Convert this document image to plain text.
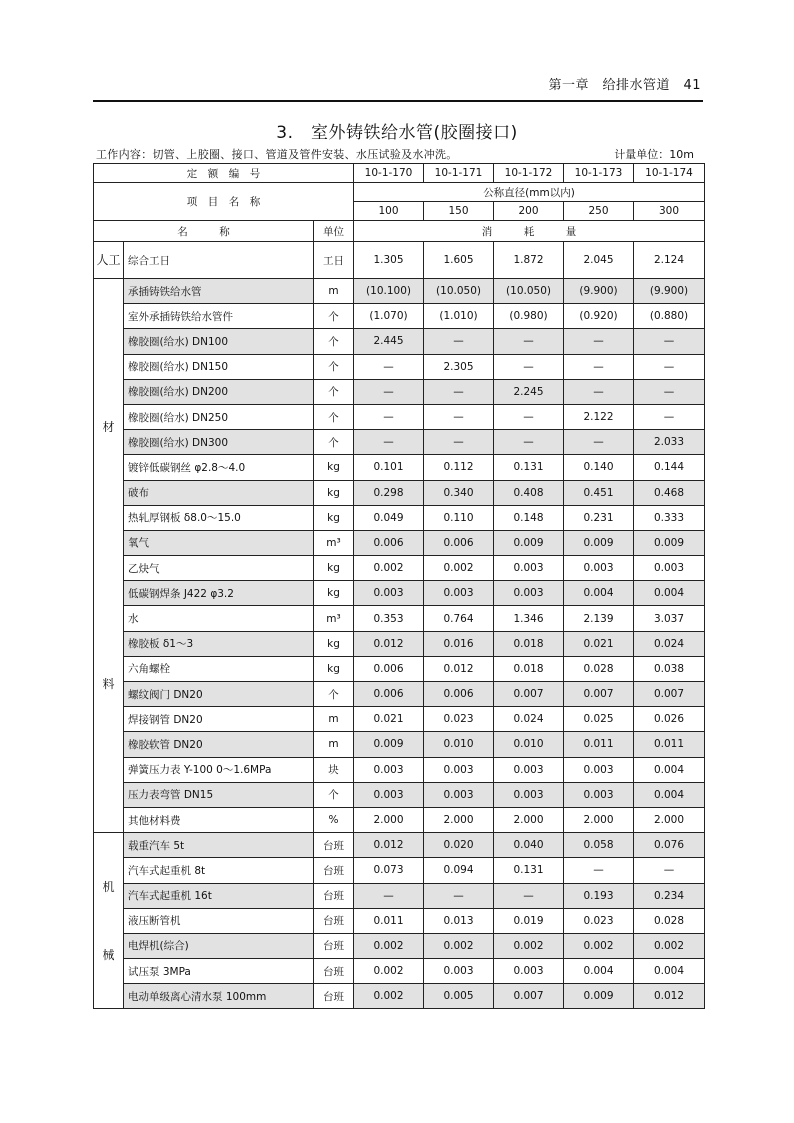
第一章　给排水管道　41
3.　室外铸铁给水管(胶圈接口)
工作内容：切管、上胶圈、接口、管道及管件安装、水压试验及水冲洗。	计量单位：10m
定　额　编　号			10-1-170	10-1-171	10-1-172	10-1-173	10-1-174
项　目　名　称			公称直径(mm以内)				
			100	150	200	250	300
名　　　称		单位	消　　　耗　　　量				
人工	综合工日	工日	1.305	1.605	1.872	2.045	2.124

材
料	承插铸铁给水管	m	(10.100)	(10.050)	(10.050)	(9.900)	(9.900)
	室外承插铸铁给水管件	个	(1.070)	(1.010)	(0.980)	(0.920)	(0.880)
	橡胶圈(给水) DN100	个	2.445	—	—	—	—
	橡胶圈(给水) DN150	个	—	2.305	—	—	—
	橡胶圈(给水) DN200	个	—	—	2.245	—	—
	橡胶圈(给水) DN250	个	—	—	—	2.122	—
	橡胶圈(给水) DN300	个	—	—	—	—	2.033
	镀锌低碳钢丝 φ2.8～4.0	kg	0.101	0.112	0.131	0.140	0.144
	破布	kg	0.298	0.340	0.408	0.451	0.468
	热轧厚钢板 δ8.0～15.0	kg	0.049	0.110	0.148	0.231	0.333
	氧气	m³	0.006	0.006	0.009	0.009	0.009
	乙炔气	kg	0.002	0.002	0.003	0.003	0.003
	低碳钢焊条 J422 φ3.2	kg	0.003	0.003	0.003	0.004	0.004
	水	m³	0.353	0.764	1.346	2.139	3.037
	橡胶板 δ1～3	kg	0.012	0.016	0.018	0.021	0.024
	六角螺栓	kg	0.006	0.012	0.018	0.028	0.038
	螺纹阀门 DN20	个	0.006	0.006	0.007	0.007	0.007
	焊接钢管 DN20	m	0.021	0.023	0.024	0.025	0.026
	橡胶软管 DN20	m	0.009	0.010	0.010	0.011	0.011
	弹簧压力表 Y-100 0～1.6MPa	块	0.003	0.003	0.003	0.003	0.004
	压力表弯管 DN15	个	0.003	0.003	0.003	0.003	0.004
	其他材料费	%	2.000	2.000	2.000	2.000	2.000

机
械	载重汽车 5t	台班	0.012	0.020	0.040	0.058	0.076
	汽车式起重机 8t	台班	0.073	0.094	0.131	—	—
	汽车式起重机 16t	台班	—	—	—	0.193	0.234
	液压断管机	台班	0.011	0.013	0.019	0.023	0.028
	电焊机(综合)	台班	0.002	0.002	0.002	0.002	0.002
	试压泵 3MPa	台班	0.002	0.003	0.003	0.004	0.004
	电动单级离心清水泵 100mm	台班	0.002	0.005	0.007	0.009	0.012
